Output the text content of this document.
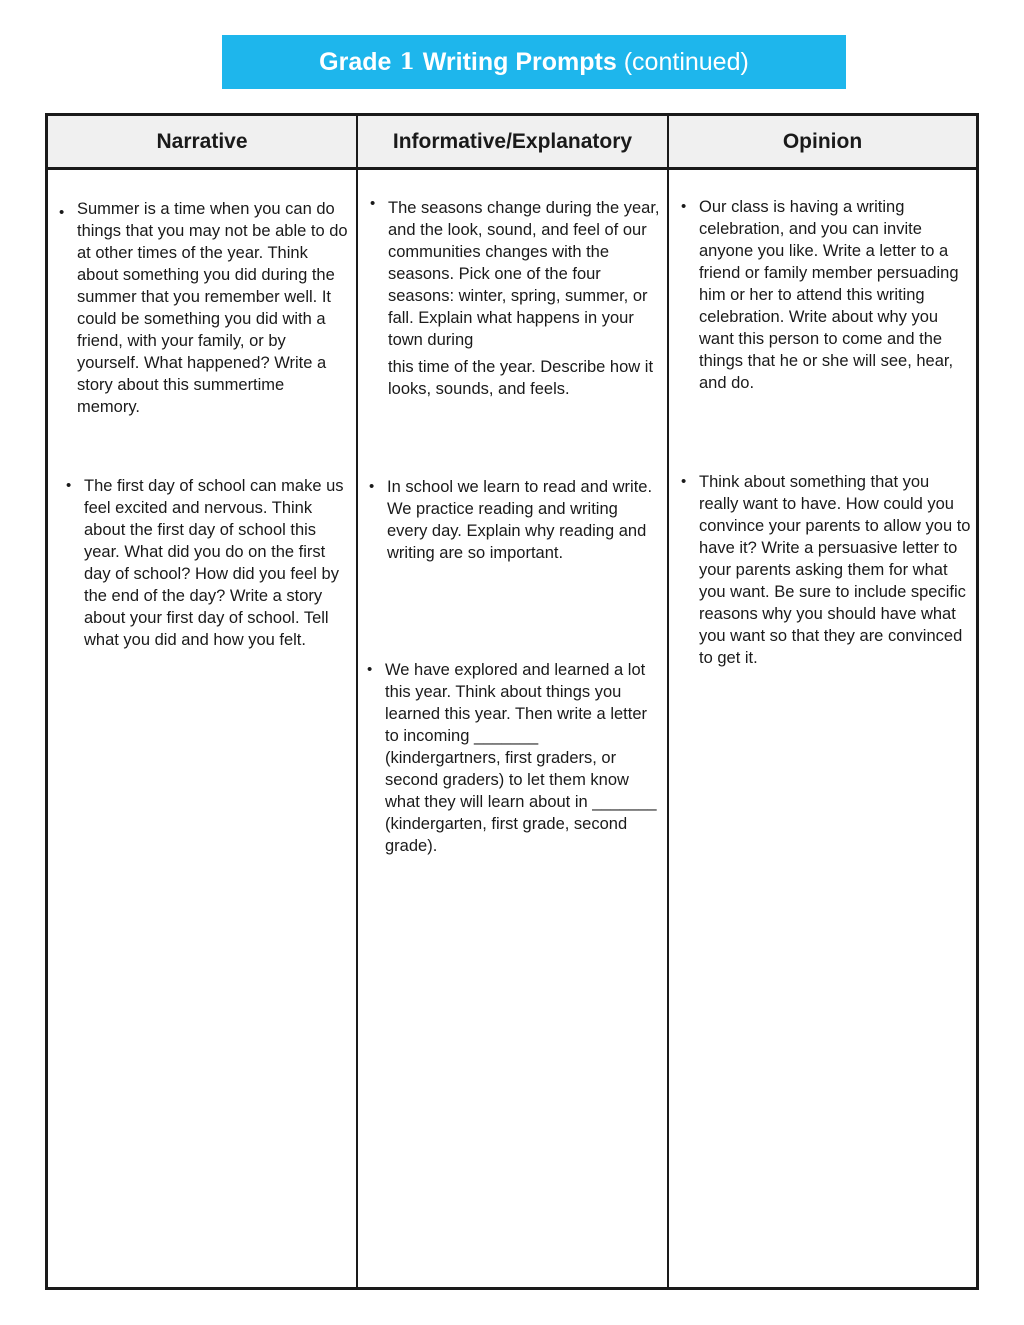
Grade 1 Writing Prompts (continued)
Narrative	Informative/Explanatory	Opinion
• Summer is a time when you can do things that you may not be able to do at other times of the year. Think about something you did during the summer that you remember well. It could be something you did with a friend, with your family, or by yourself. What happened? Write a story about this summertime memory.
• The first day of school can make us feel excited and nervous. Think about the first day of school this year. What did you do on the first day of school? How did you feel by the end of the day? Write a story about your first day of school. Tell what you did and how you felt.
• The seasons change during the year, and the look, sound, and feel of our communities changes with the seasons. Pick one of the four seasons: winter, spring, summer, or fall. Explain what happens in your town during
this time of the year. Describe how it looks, sounds, and feels.
• In school we learn to read and write. We practice reading and writing every day. Explain why reading and writing are so important.
• We have explored and learned a lot this year. Think about things you learned this year. Then write a letter to incoming _______ (kindergartners, first graders, or second graders) to let them know what they will learn about in _______ (kindergarten, first grade, second grade).
• Our class is having a writing celebration, and you can invite anyone you like. Write a letter to a friend or family member persuading him or her to attend this writing celebration. Write about why you want this person to come and the things that he or she will see, hear, and do.
• Think about something that you really want to have. How could you convince your parents to allow you to have it? Write a persuasive letter to your parents asking them for what you want. Be sure to include specific reasons why you should have what you want so that they are convinced to get it.
